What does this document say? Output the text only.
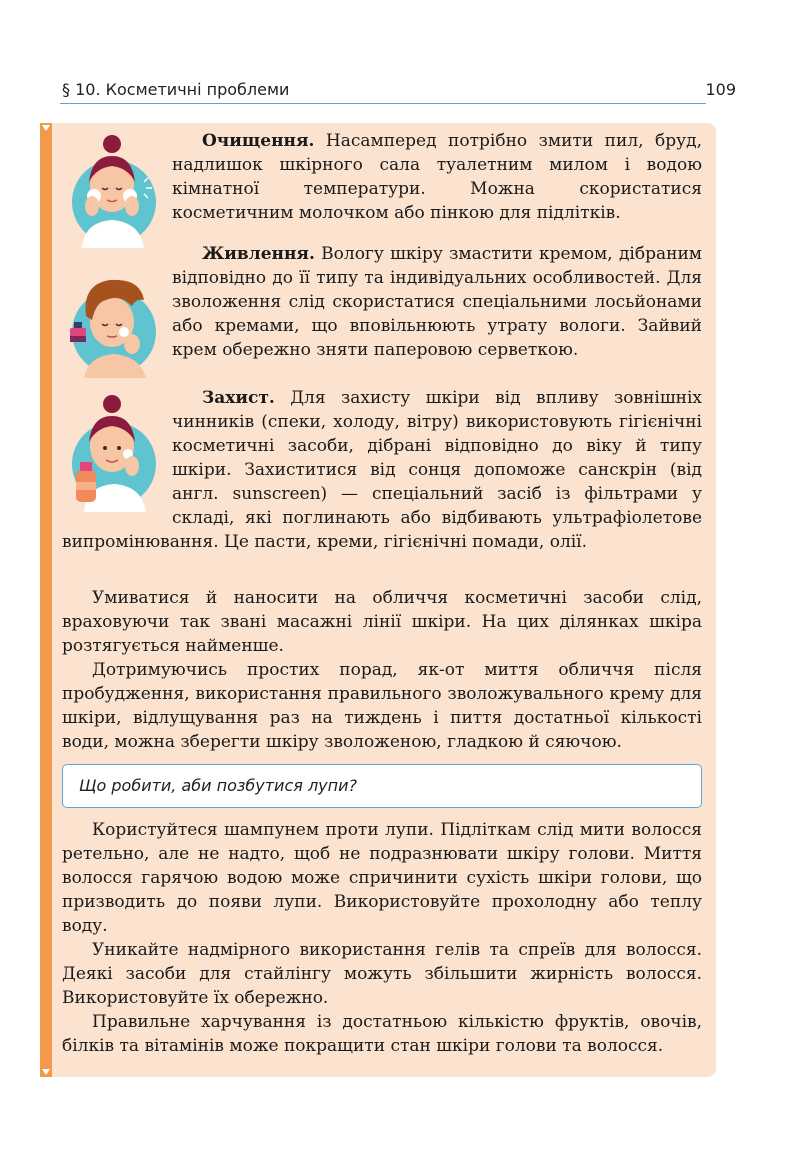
§ 10. Косметичні проблеми	109
Очищення. Насамперед потрібно змити пил, бруд, надлишок шкірного сала туалетним милом і водою кімнатної температури. Можна скористатися косметичним молочком або пінкою для підлітків.
Живлення. Вологу шкіру змастити кремом, дібраним відповідно до її типу та індивідуальних особливостей. Для зволоження слід скористатися спеціальними лосьйонами або кремами, що вповільнюють утрату вологи. Зайвий крем обережно зняти паперовою серветкою.
Захист. Для захисту шкіри від впливу зовнішніх чинників (спеки, холоду, вітру) використовують гігієнічні косметичні засоби, дібрані відповідно до віку й типу шкіри. Захиститися від сонця допоможе санскрін (від англ. sunscreen) — спеціальний засіб із фільтрами у складі, які поглинають або відбивають ультрафіолетове випромінювання. Це пасти, креми, гігієнічні помади, олії.
Умиватися й наносити на обличчя косметичні засоби слід, враховуючи так звані масажні лінії шкіри. На цих ділянках шкіра розтягується найменше.
Дотримуючись простих порад, як-от миття обличчя після пробудження, використання правильного зволожувального крему для шкіри, відлущування раз на тиждень і пиття достатньої кількості води, можна зберегти шкіру зволоженою, гладкою й сяючою.
Що робити, аби позбутися лупи?
Користуйтеся шампунем проти лупи. Підліткам слід мити волосся ретельно, але не надто, щоб не подразнювати шкіру голови. Миття волосся гарячою водою може спричинити сухість шкіри голови, що призводить до появи лупи. Використовуйте прохолодну або теплу воду.
Уникайте надмірного використання гелів та спреїв для волосся. Деякі засоби для стайлінгу можуть збільшити жирність волосся. Використовуйте їх обережно.
Правильне харчування із достатньою кількістю фруктів, овочів, білків та вітамінів може покращити стан шкіри голови та волосся.
